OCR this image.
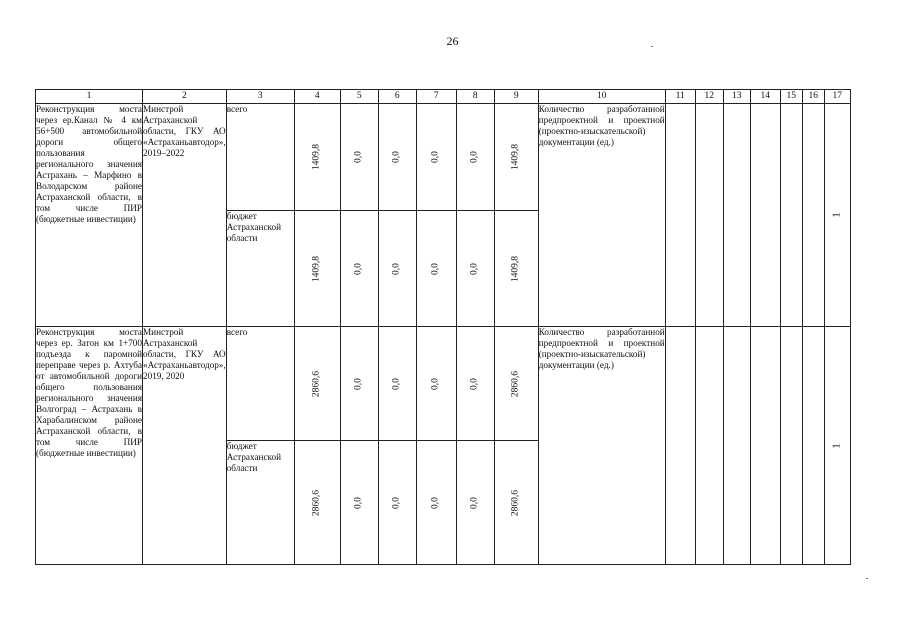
26
1	2	3	4	5	6	7	8	9	10	11	12	13	14	15	16	17
Реконструкция моста через ер.Канал № 4 км 56+500 автомобильной дороги общего пользования регионального значения Астрахань – Марфино в Володарском районе Астраханской области, в том числе ПИР (бюджетные инвестиции)	Минстрой Астраханской области, ГКУ АО «Астраханьавтодор», 2019–2022	всего	1409,8	0,0	0,0	0,0	0,0	1409,8	Количество разработанной предпроектной и проектной (проектно-изыскательской) документации (ед.)							1

		бюджет Астраханской области	1409,8	0,0	0,0	0,0	0,0	1409,8								

Реконструкция моста через ер. Затон км 1+700 подъезда к паромной переправе через р. Ахтуба от автомобильной дороги общего пользования регионального значения Волгоград – Астрахань в Харабалинском районе Астраханской области, в том числе ПИР (бюджетные инвестиции)	Минстрой Астраханской области, ГКУ АО «Астраханьавтодор», 2019, 2020	всего	2860,6	0,0	0,0	0,0	0,0	2860,6	Количество разработанной предпроектной и проектной (проектно-изыскательской) документации (ед.)							1

		бюджет Астраханской области	2860,6	0,0	0,0	0,0	0,0	2860,6								
